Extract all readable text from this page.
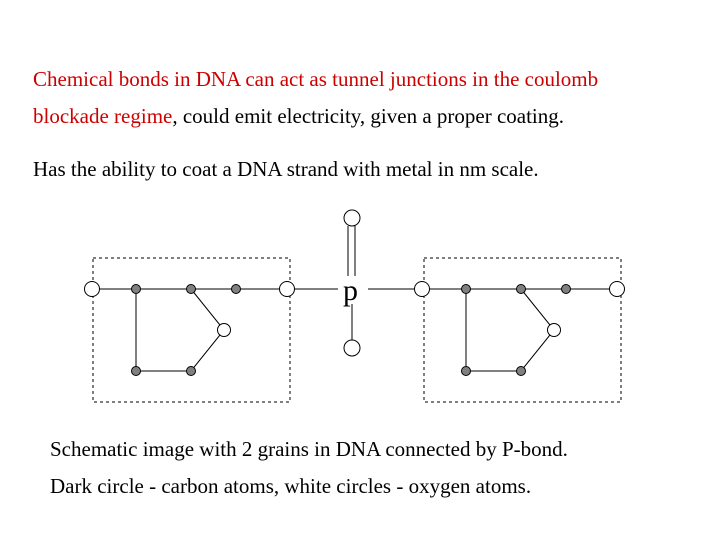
Chemical bonds in DNA can act as tunnel junctions in the coulomb
blockade regime, could emit electricity, given a proper coating.
Has the ability to coat a DNA strand with metal in nm scale.
p
Schematic image with 2 grains in DNA connected by P-bond.
Dark circle - carbon atoms, white circles - oxygen atoms.
